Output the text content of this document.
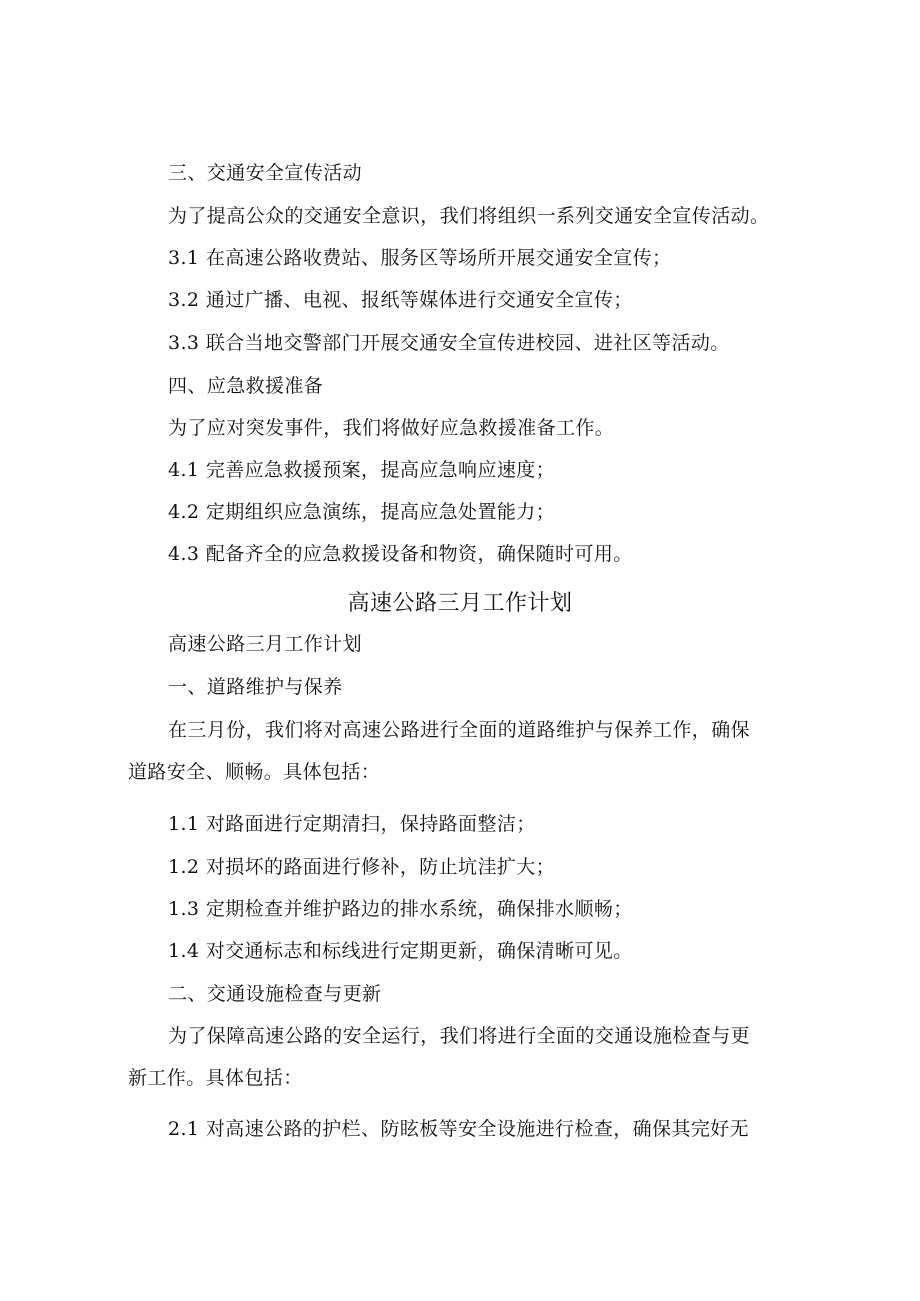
三、交通安全宣传活动
为了提高公众的交通安全意识，我们将组织一系列交通安全宣传活动。
3.1 在高速公路收费站、服务区等场所开展交通安全宣传；
3.2 通过广播、电视、报纸等媒体进行交通安全宣传；
3.3 联合当地交警部门开展交通安全宣传进校园、进社区等活动。
四、应急救援准备
为了应对突发事件，我们将做好应急救援准备工作。
4.1 完善应急救援预案，提高应急响应速度；
4.2 定期组织应急演练，提高应急处置能力；
4.3 配备齐全的应急救援设备和物资，确保随时可用。
高速公路三月工作计划
高速公路三月工作计划
一、道路维护与保养
在三月份，我们将对高速公路进行全面的道路维护与保养工作，确保
道路安全、顺畅。具体包括：
1.1 对路面进行定期清扫，保持路面整洁；
1.2 对损坏的路面进行修补，防止坑洼扩大；
1.3 定期检查并维护路边的排水系统，确保排水顺畅；
1.4 对交通标志和标线进行定期更新，确保清晰可见。
二、交通设施检查与更新
为了保障高速公路的安全运行，我们将进行全面的交通设施检查与更
新工作。具体包括：
2.1 对高速公路的护栏、防眩板等安全设施进行检查，确保其完好无
